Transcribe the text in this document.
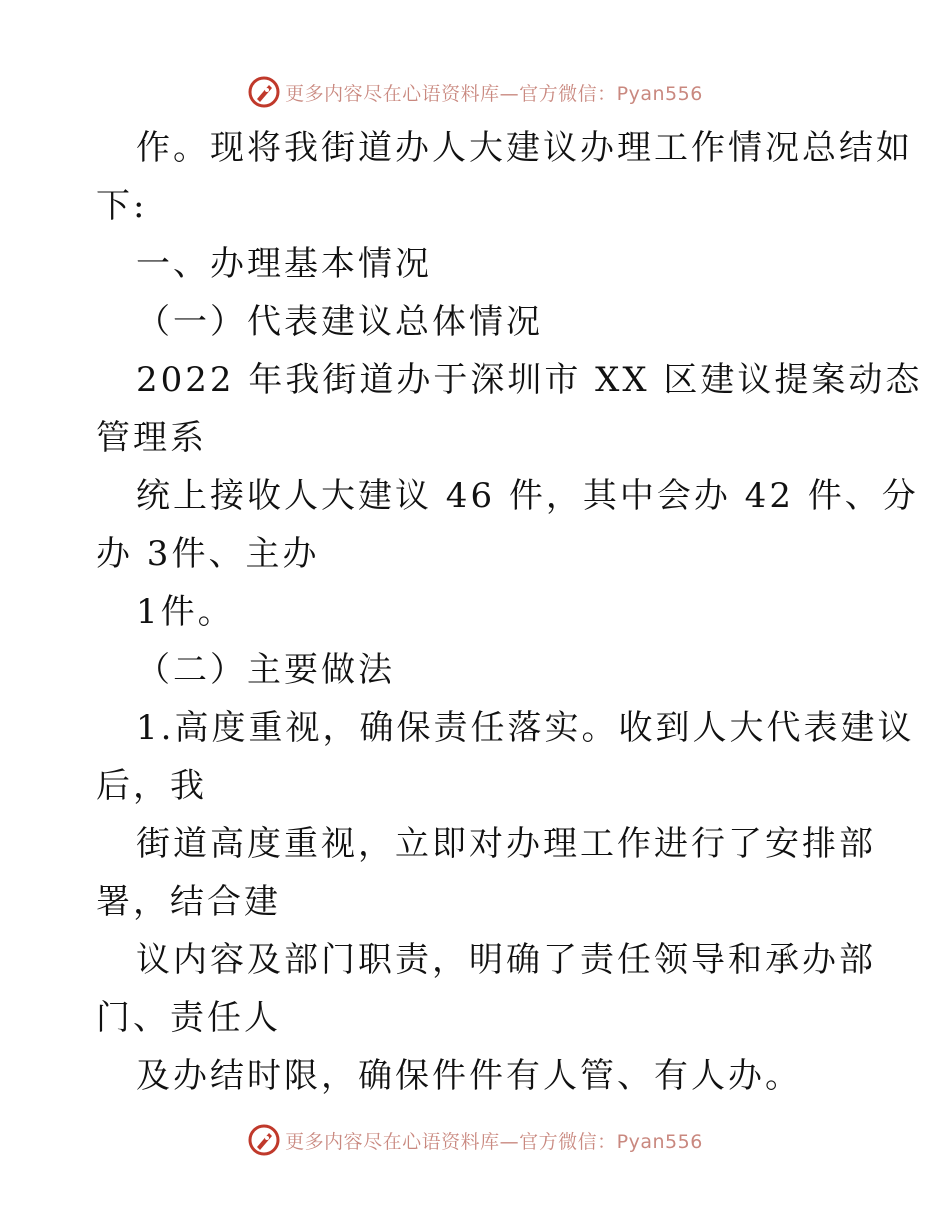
更多内容尽在心语资料库—官方微信：Pyan556
作。现将我街道办人大建议办理工作情况总结如
下:
一、办理基本情况
（一）代表建议总体情况
2022 年我街道办于深圳市 XX 区建议提案动态
管理系
统上接收人大建议 46 件，其中会办 42 件、分
办 3件、主办
1件。
（二）主要做法
1.高度重视，确保责任落实。收到人大代表建议
后，我
街道高度重视，立即对办理工作进行了安排部
署，结合建
议内容及部门职责，明确了责任领导和承办部
门、责任人
及办结时限，确保件件有人管、有人办。
更多内容尽在心语资料库—官方微信：Pyan556
